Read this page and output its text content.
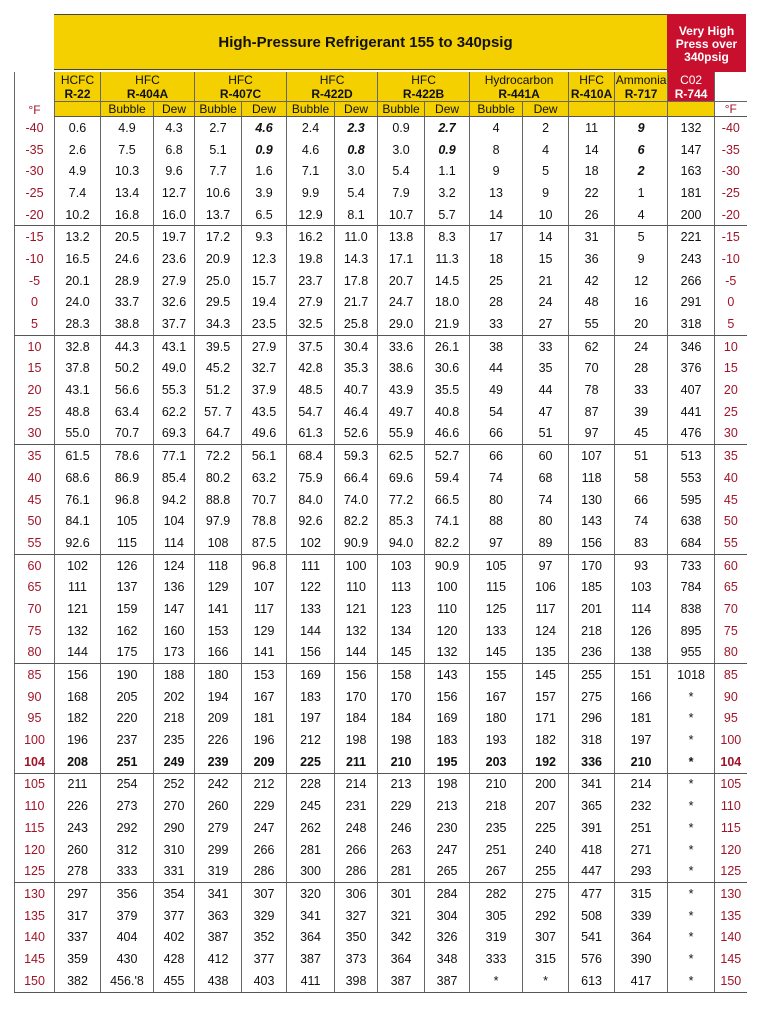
High-Pressure Refrigerant 155 to 340psig
Very High Press over 340psig
°F	HCFC	HFC		HFC		HFC		HFC		Hydrocarbon		HFC	Ammonia	C02	
	R-22	R-404A		R-407C		R-422D		R-422B		R-441A		R-410A	R-717	R-744	
		Bubble	Dew	Bubble	Dew	Bubble	Dew	Bubble	Dew	Bubble	Dew				°F
-40	0.6	4.9	4.3	2.7	4.6	2.4	2.3	0.9	2.7	4	2	11	9	132	-40
-35	2.6	7.5	6.8	5.1	0.9	4.6	0.8	3.0	0.9	8	4	14	6	147	-35
-30	4.9	10.3	9.6	7.7	1.6	7.1	3.0	5.4	1.1	9	5	18	2	163	-30
-25	7.4	13.4	12.7	10.6	3.9	9.9	5.4	7.9	3.2	13	9	22	1	181	-25
-20	10.2	16.8	16.0	13.7	6.5	12.9	8.1	10.7	5.7	14	10	26	4	200	-20
-15	13.2	20.5	19.7	17.2	9.3	16.2	11.0	13.8	8.3	17	14	31	5	221	-15
-10	16.5	24.6	23.6	20.9	12.3	19.8	14.3	17.1	11.3	18	15	36	9	243	-10
-5	20.1	28.9	27.9	25.0	15.7	23.7	17.8	20.7	14.5	25	21	42	12	266	-5
0	24.0	33.7	32.6	29.5	19.4	27.9	21.7	24.7	18.0	28	24	48	16	291	0
5	28.3	38.8	37.7	34.3	23.5	32.5	25.8	29.0	21.9	33	27	55	20	318	5
10	32.8	44.3	43.1	39.5	27.9	37.5	30.4	33.6	26.1	38	33	62	24	346	10
15	37.8	50.2	49.0	45.2	32.7	42.8	35.3	38.6	30.6	44	35	70	28	376	15
20	43.1	56.6	55.3	51.2	37.9	48.5	40.7	43.9	35.5	49	44	78	33	407	20
25	48.8	63.4	62.2	57. 7	43.5	54.7	46.4	49.7	40.8	54	47	87	39	441	25
30	55.0	70.7	69.3	64.7	49.6	61.3	52.6	55.9	46.6	66	51	97	45	476	30
35	61.5	78.6	77.1	72.2	56.1	68.4	59.3	62.5	52.7	66	60	107	51	513	35
40	68.6	86.9	85.4	80.2	63.2	75.9	66.4	69.6	59.4	74	68	118	58	553	40
45	76.1	96.8	94.2	88.8	70.7	84.0	74.0	77.2	66.5	80	74	130	66	595	45
50	84.1	105	104	97.9	78.8	92.6	82.2	85.3	74.1	88	80	143	74	638	50
55	92.6	115	114	108	87.5	102	90.9	94.0	82.2	97	89	156	83	684	55
60	102	126	124	118	96.8	111	100	103	90.9	105	97	170	93	733	60
65	111	137	136	129	107	122	110	113	100	115	106	185	103	784	65
70	121	159	147	141	117	133	121	123	110	125	117	201	114	838	70
75	132	162	160	153	129	144	132	134	120	133	124	218	126	895	75
80	144	175	173	166	141	156	144	145	132	145	135	236	138	955	80
85	156	190	188	180	153	169	156	158	143	155	145	255	151	1018	85
90	168	205	202	194	167	183	170	170	156	167	157	275	166	*	90
95	182	220	218	209	181	197	184	184	169	180	171	296	181	*	95
100	196	237	235	226	196	212	198	198	183	193	182	318	197	*	100
104	208	251	249	239	209	225	211	210	195	203	192	336	210	*	104
105	211	254	252	242	212	228	214	213	198	210	200	341	214	*	105
110	226	273	270	260	229	245	231	229	213	218	207	365	232	*	110
115	243	292	290	279	247	262	248	246	230	235	225	391	251	*	115
120	260	312	310	299	266	281	266	263	247	251	240	418	271	*	120
125	278	333	331	319	286	300	286	281	265	267	255	447	293	*	125
130	297	356	354	341	307	320	306	301	284	282	275	477	315	*	130
135	317	379	377	363	329	341	327	321	304	305	292	508	339	*	135
140	337	404	402	387	352	364	350	342	326	319	307	541	364	*	140
145	359	430	428	412	377	387	373	364	348	333	315	576	390	*	145
150	382	456.'8	455	438	403	411	398	387	387	*	*	613	417	*	150
